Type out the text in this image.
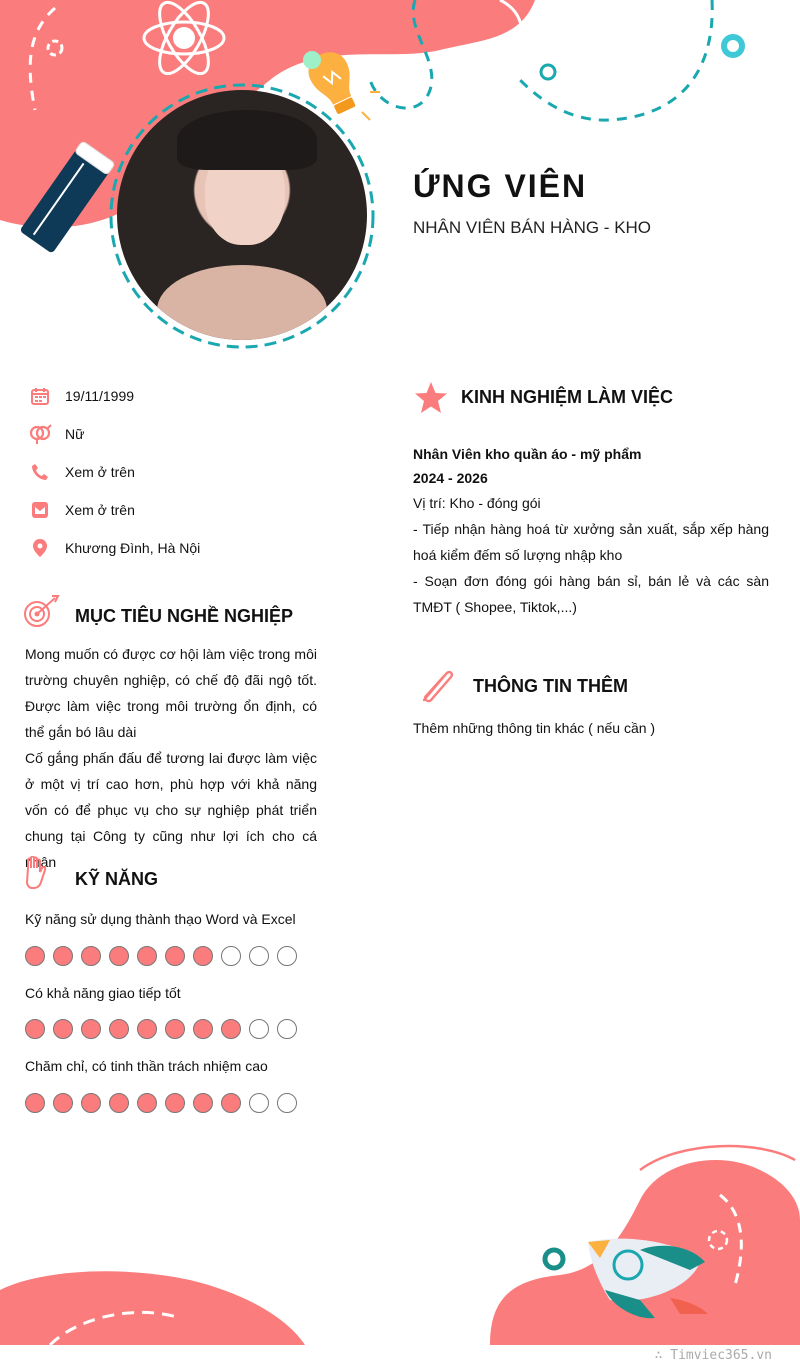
ỨNG VIÊN
NHÂN VIÊN BÁN HÀNG - KHO
19/11/1999
Nữ
Xem ở trên
Xem ở trên
Khương Đình, Hà Nội
MỤC TIÊU NGHỀ NGHIỆP
Mong muốn có được cơ hội làm việc trong môi trường chuyên nghiệp, có chế độ đãi ngộ tốt. Được làm việc trong môi trường ổn định, có thể gắn bó lâu dài
Cố gắng phấn đấu để tương lai được làm việc ở một vị trí cao hơn, phù hợp với khả năng vốn có để phục vụ cho sự nghiệp phát triển chung tại Công ty cũng như lợi ích cho cá nhân
KỸ NĂNG
Kỹ năng sử dụng thành thạo Word và Excel
Có khả năng giao tiếp tốt
Chăm chỉ, có tinh thần trách nhiệm cao
KINH NGHIỆM LÀM VIỆC
Nhân Viên kho quần áo - mỹ phẩm
2024 - 2026
Vị trí: Kho - đóng gói
- Tiếp nhận hàng hoá từ xưởng sản xuất, sắp xếp hàng hoá kiểm đếm số lượng nhập kho
- Soạn đơn đóng gói hàng bán sỉ, bán lẻ và các sàn TMĐT ( Shopee, Tiktok,...)
THÔNG TIN THÊM
Thêm những thông tin khác ( nếu cần )
∴ Timviec365.vn
